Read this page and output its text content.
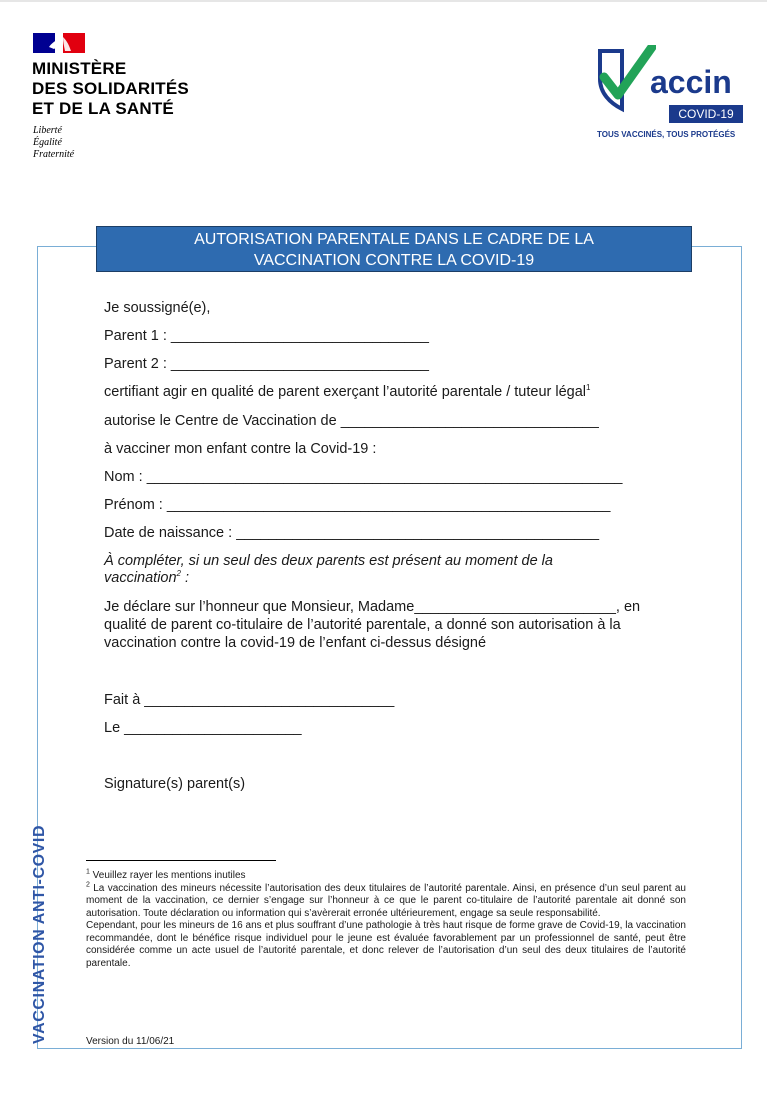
MINISTÈRE
DES SOLIDARITÉS
ET DE LA SANTÉ
Liberté
Égalité
Fraternité
accin
COVID-19
TOUS VACCINÉS, TOUS PROTÉGÉS
AUTORISATION PARENTALE DANS LE CADRE DE LA
VACCINATION CONTRE LA COVID-19
VACCINATION ANTI-COVID
Je soussigné(e),
Parent 1 : ________________________________
Parent 2 : ________________________________
certifiant agir en qualité de parent exerçant l’autorité parentale / tuteur légal$^1$
autorise le Centre de Vaccination de ________________________________
à vacciner mon enfant contre la Covid-19 :
Nom : ___________________________________________________________
Prénom : _______________________________________________________
Date de naissance : _____________________________________________
À compléter, si un seul des deux parents est présent au moment de la
vaccination$^2$ :
Je déclare sur l’honneur que Monsieur, Madame_________________________, en
qualité de parent co-titulaire de l’autorité parentale, a donné son autorisation à la
vaccination contre la covid-19 de l’enfant ci-dessus désigné
Fait à _______________________________
Le ______________________
Signature(s) parent(s)

$^1$ Veuillez rayer les mentions inutiles

$^2$ La vaccination des mineurs nécessite l’autorisation des deux titulaires de l’autorité parentale. Ainsi, en présence d’un seul parent au moment de la vaccination, ce dernier s’engage sur l’honneur à ce que le parent co-titulaire de l’autorité parentale ait donné son autorisation. Toute déclaration ou information qui s’avèrerait erronée ultérieurement, engage sa seule responsabilité.

Cependant, pour les mineurs de 16 ans et plus souffrant d’une pathologie à très haut risque de forme grave de Covid-19, la vaccination recommandée, dont le bénéfice risque individuel pour le jeune est évaluée favorablement par un professionnel de santé, peut être considérée comme un acte usuel de l’autorité parentale, et donc relever de l’autorisation d’un seul des deux titulaires de l’autorité parentale.

Version du 11/06/21
